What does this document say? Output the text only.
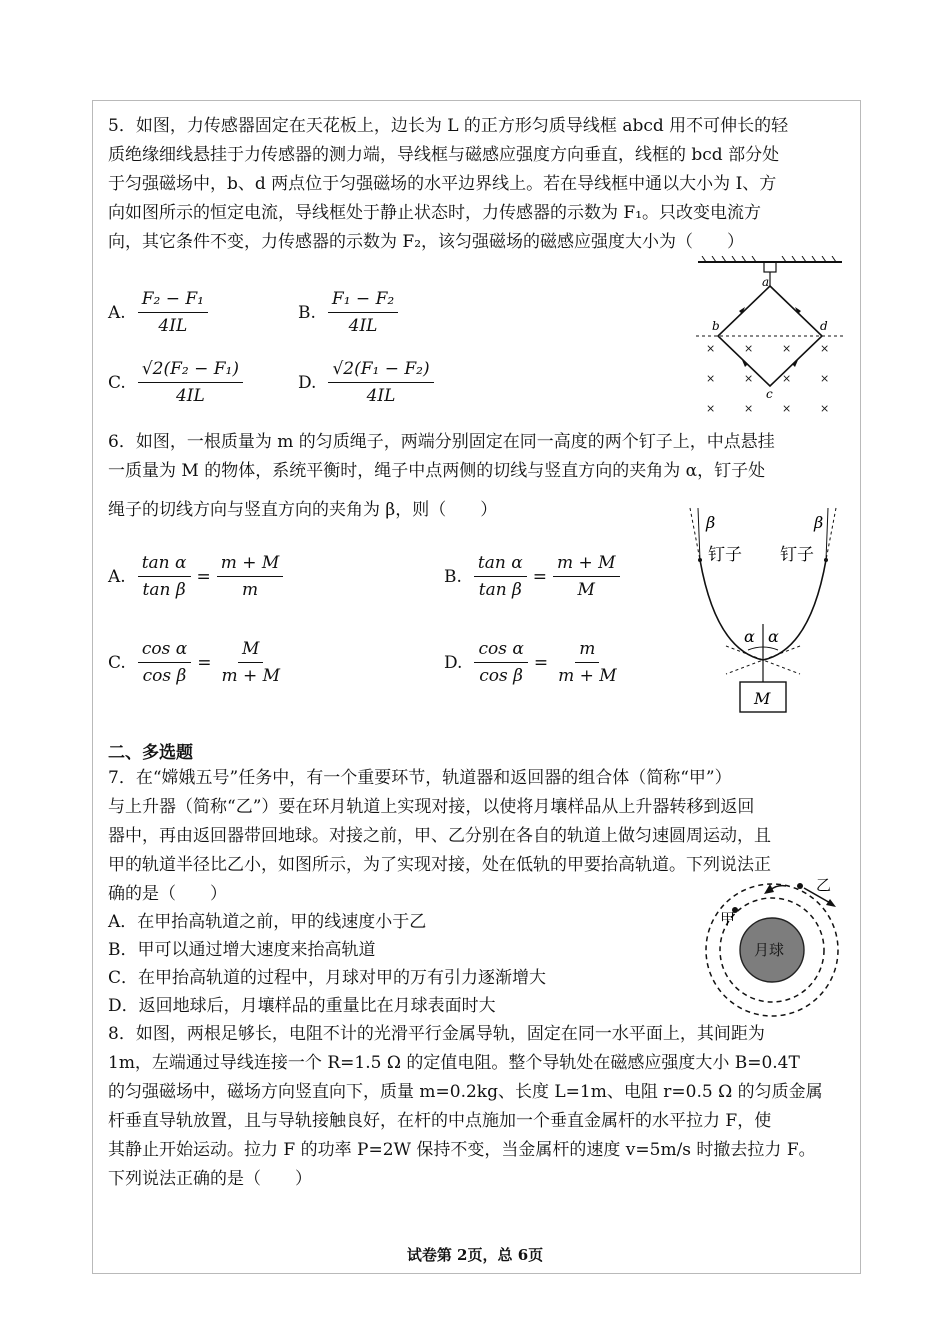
5．如图，力传感器固定在天花板上，边长为 L 的正方形匀质导线框 abcd 用不可伸长的轻

质绝缘细线悬挂于力传感器的测力端，导线框与磁感应强度方向垂直，线框的 bcd 部分处

于匀强磁场中，b、d 两点位于匀强磁场的水平边界线上。若在导线框中通以大小为 I、方

向如图所示的恒定电流，导线框处于静止状态时，力传感器的示数为 F₁。只改变电流方

向，其它条件不变，力传感器的示数为 F₂，该匀强磁场的磁感应强度大小为（　　）

A. $\frac{\text{F₂ − F₁}}{4IL}$	B. $\frac{\text{F₁ − F₂}}{4IL}$
C. $\frac{\text{√2(F₂ − F₁)}}{4IL}$	D. $\frac{\text{√2(F₁ − F₂)}}{4IL}$
a
b
c
d
×	×	×	×
×	×	×	×
×	×	×	×

6．如图，一根质量为 m 的匀质绳子，两端分别固定在同一高度的两个钉子上，中点悬挂

一质量为 M 的物体，系统平衡时，绳子中点两侧的切线与竖直方向的夹角为 α，钉子处

绳子的切线方向与竖直方向的夹角为 β，则（　　）

A. $\frac{\text{tan α}}{\text{tan β}} = \frac{m + M}{m}$	B. $\frac{\text{tan α}}{\text{tan β}} = \frac{m + M}{M}$
C. $\frac{\text{cos α}}{\text{cos β}} = \frac{M}{m + M}$	D. $\frac{\text{cos α}}{\text{cos β}} = \frac{m}{m + M}$
β	β
钉子 钉子
α α
M
二、多选题

7．在“嫦娥五号”任务中，有一个重要环节，轨道器和返回器的组合体（简称“甲”）

与上升器（简称“乙”）要在环月轨道上实现对接，以使将月壤样品从上升器转移到返回

器中，再由返回器带回地球。对接之前，甲、乙分别在各自的轨道上做匀速圆周运动，且

甲的轨道半径比乙小，如图所示，为了实现对接，处在低轨的甲要抬高轨道。下列说法正

确的是（　　）

A．在甲抬高轨道之前，甲的线速度小于乙

B．甲可以通过增大速度来抬高轨道

C．在甲抬高轨道的过程中，月球对甲的万有引力逐渐增大

D．返回地球后，月壤样品的重量比在月球表面时大

月球
甲
乙

8．如图，两根足够长，电阻不计的光滑平行金属导轨，固定在同一水平面上，其间距为

1m，左端通过导线连接一个 R=1.5 Ω 的定值电阻。整个导轨处在磁感应强度大小 B=0.4T

的匀强磁场中，磁场方向竖直向下，质量 m=0.2kg、长度 L=1m、电阻 r=0.5 Ω 的匀质金属

杆垂直导轨放置，且与导轨接触良好，在杆的中点施加一个垂直金属杆的水平拉力 F，使

其静止开始运动。拉力 F 的功率 P=2W 保持不变，当金属杆的速度 v=5m/s 时撤去拉力 F。

下列说法正确的是（　　）

试卷第 2页，总 6页
